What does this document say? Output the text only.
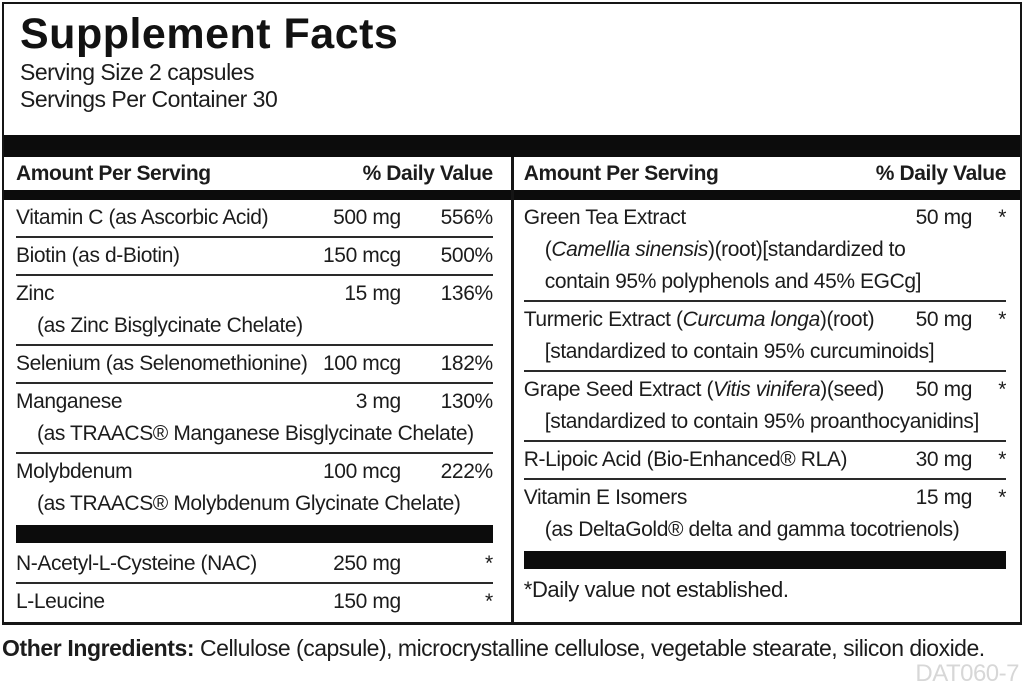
Supplement Facts
Serving Size 2 capsules
Servings Per Container 30
Amount Per Serving	% Daily Value
Vitamin C (as Ascorbic Acid)	500 mg	556%
Biotin (as d-Biotin)	150 mcg	500%
Zinc	15 mg	136%
(as Zinc Bisglycinate Chelate)
Selenium (as Selenomethionine) 100 mcg	182%
Manganese	3 mg	130%
(as TRAACS® Manganese Bisglycinate Chelate)
Molybdenum	100 mcg	222%
(as TRAACS® Molybdenum Glycinate Chelate)
N-Acetyl-L-Cysteine (NAC)	250 mg	*
L-Leucine	150 mg	*
Amount Per Serving	% Daily Value
Green Tea Extract	50 mg	*
(Camellia sinensis)(root)[standardized to
contain 95% polyphenols and 45% EGCg]
Turmeric Extract (Curcuma longa)(root)	50 mg	*
[standardized to contain 95% curcuminoids]
Grape Seed Extract (Vitis vinifera)(seed)	50 mg	*
[standardized to contain 95% proanthocyanidins]
R-Lipoic Acid (Bio-Enhanced® RLA)	30 mg	*
Vitamin E Isomers	15 mg	*
(as DeltaGold® delta and gamma tocotrienols)
*Daily value not established.
Other Ingredients: Cellulose (capsule), microcrystalline cellulose, vegetable stearate, silicon dioxide.
DAT060-7
